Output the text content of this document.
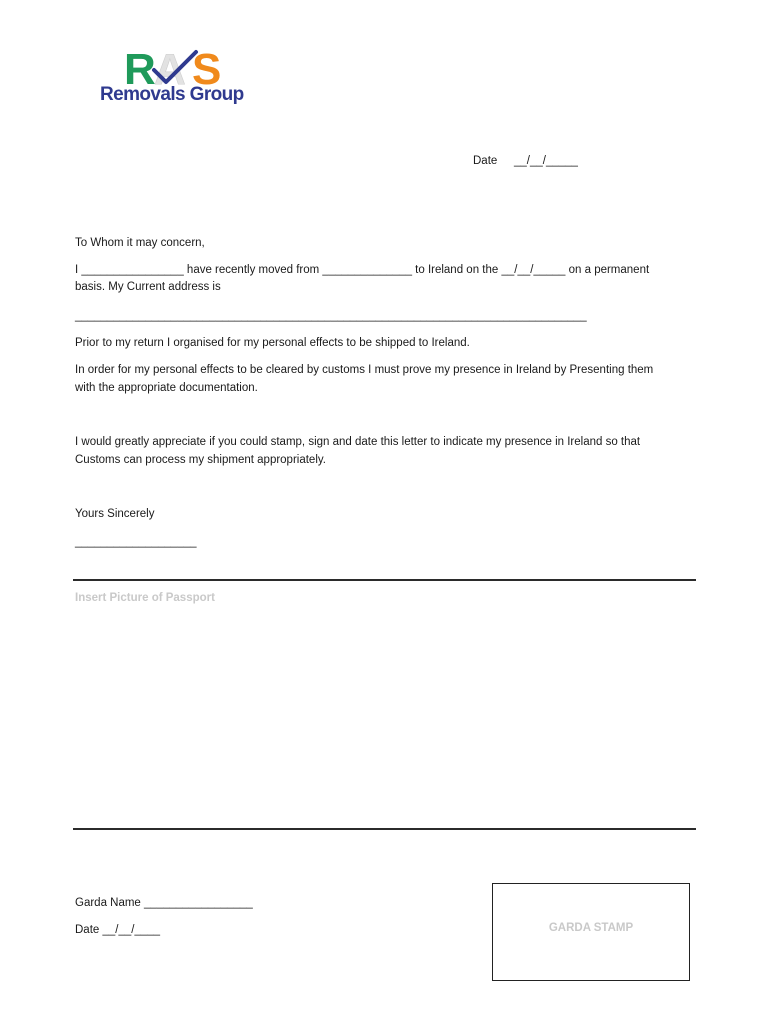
R
A S
Removals Group
Date __/__/_____
To Whom it may concern,
I ________________ have recently moved from ______________ to Ireland on the __/__/_____ on a permanent
basis. My Current address is
________________________________________________________________________________
Prior to my return I organised for my personal effects to be shipped to Ireland.
In order for my personal effects to be cleared by customs I must prove my presence in Ireland by Presenting them
with the appropriate documentation.
I would greatly appreciate if you could stamp, sign and date this letter to indicate my presence in Ireland so that
Customs can process my shipment appropriately.
Yours Sincerely
___________________
Insert Picture of Passport
Garda Name _________________
Date __/__/____	GARDA STAMP
